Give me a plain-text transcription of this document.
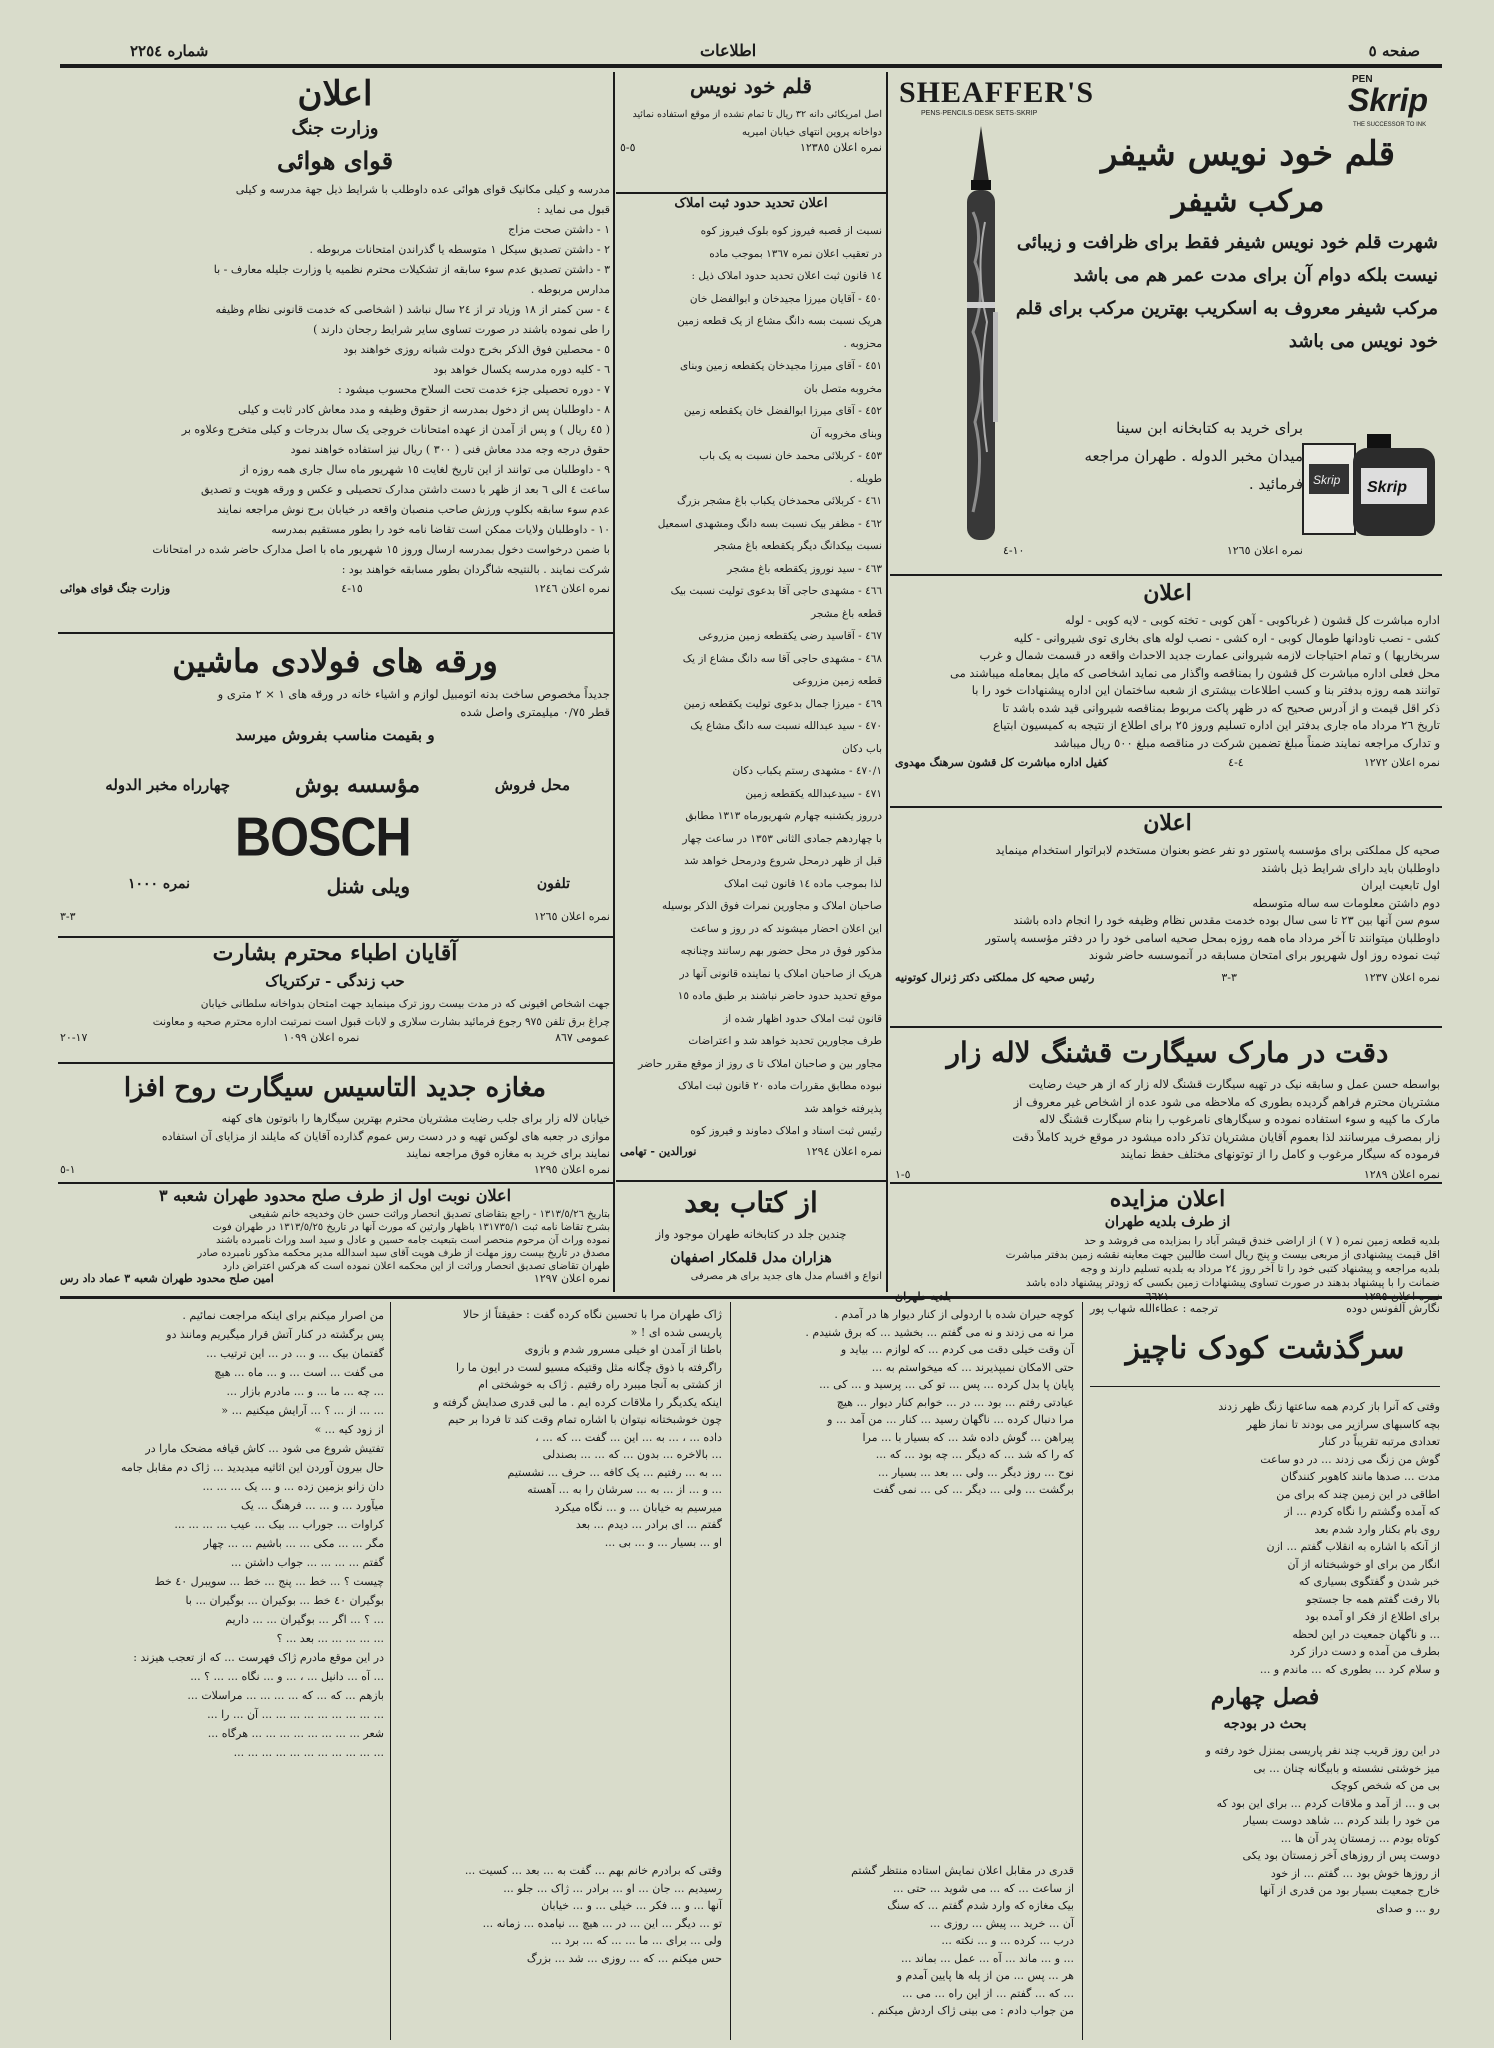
صفحه ٥
اطلاعات
شماره ٢٢٥٤
SHEAFFER'S
PENS·PENCILS·DESK SETS·SKRIP
PEN
Skrip
THE SUCCESSOR TO INK
قلم خود نویس شیفر
مرکب شیفر
شهرت قلم خود نویس شیفر فقط برای ظرافت و زیبائی
نیست بلکه دوام آن برای مدت عمر هم می باشد
مرکب شیفر معروف به اسکریب بهترین مرکب برای قلم
خود نویس می باشد
برای خرید به کتابخانه ابن سینا
میدان مخبر الدوله . طهران مراجعه
فرمائید . Skrip Skrip
نمره اعلان ١٢٦٥
١٠-٤
اعلان
اداره مباشرت کل قشون ( غرباکوبی - آهن کوبی - تخته کوبی - لایه کوبی - لوله
کشی - نصب ناودانها طومال کوبی - اره کشی - نصب لوله های بخاری توی شیروانی - کلیه
سربخاریها ) و تمام احتیاجات لازمه شیروانی عمارت جدید الاحداث واقعه در قسمت شمال و غرب
محل فعلی اداره مباشرت کل قشون را بمناقصه واگذار می نماید اشخاصی که مایل بمعامله میباشند می
توانند همه روزه بدفتر بنا و کسب اطلاعات بیشتری از شعبه ساختمان این اداره پیشنهادات خود را با
ذکر اقل قیمت و از آدرس صحیح که در ظهر پاکت مربوط بمناقصه شیروانی قید شده باشد تا
تاریخ ٢٦ مرداد ماه جاری بدفتر این اداره تسلیم وروز ٢٥ برای اطلاع از نتیجه به کمیسیون ابتیاع
و تدارک مراجعه نمایند ضمناً مبلغ تضمین شرکت در مناقصه مبلغ ٥٠٠ ریال میباشد
نمره اعلان ١٢٧٢
٤-٤
کفیل اداره مباشرت کل قشون سرهنگ مهدوی
اعلان
صحیه کل مملکتی برای مؤسسه پاستور دو نفر عضو بعنوان مستخدم لابراتوار استخدام مینماید
داوطلبان باید دارای شرایط ذیل باشند
اول تابعیت ایران
دوم داشتن معلومات سه ساله متوسطه
سوم سن آنها بین ٢٣ تا سی سال بوده خدمت مقدس نظام وظیفه خود را انجام داده باشند
داوطلبان میتوانند تا آخر مرداد ماه همه روزه بمحل صحیه اسامی خود را در دفتر مؤسسه پاستور
ثبت نموده روز اول شهریور برای امتحان مسابقه در آنموسسه حاضر شوند
نمره اعلان ١٢٣٧
٣-٣
رئیس صحیه کل مملکتی دکتر ژنرال کوتونیه
دقت در مارک سیگارت قشنگ لاله زار
بواسطه حسن عمل و سابقه نیک در تهیه سیگارت قشنگ لاله زار که از هر حیث رضایت
مشتریان محترم فراهم گردیده بطوری که ملاحظه می شود عده از اشخاص غیر معروف از
مارک ما کپیه و سوء استفاده نموده و سیگارهای نامرغوب را بنام سیگارت قشنگ لاله
زار بمصرف میرسانند لذا بعموم آقایان مشتریان تذکر داده میشود در موقع خرید کاملاً دقت
فرموده که سیگار مرغوب و کامل را از توتونهای مختلف حفظ نمایند
نمره اعلان ١٢٨٩
٥-١
اعلان مزایده
از طرف بلدیه طهران
بلدیه قطعه زمین نمره ( ٧ ) از اراضی خندق قیشر آباد را بمزایده می فروشد و حد
اقل قیمت پیشنهادی از مربعی بیست و پنج ریال است طالبین جهت معاینه نقشه زمین بدفتر مباشرت
بلدیه مراجعه و پیشنهاد کتبی خود را تا آخر روز ٢٤ مرداد به بلدیه تسلیم دارند و وجه
ضمانت را با پیشنهاد بدهند در صورت تساوی پیشنهادات زمین بکسی که زودتر پیشنهاد داده باشد
نمره اعلان ١٢٩٥
٦٦٢١
بلدیه طهران
قلم خود نویس
اصل امریکائی دانه ٣٢ ریال تا تمام نشده از موقع استفاده نمائید
دواخانه پروین انتهای خیابان امیریه
نمره اعلان ١٢٣٨٥
٥-٥
اعلان تحدید حدود ثبت املاک
نسبت از قصبه فیروز کوه بلوک فیروز کوه
در تعقیب اعلان نمره ١٣٦٧ بموجب ماده
١٤ قانون ثبت اعلان تحدید حدود املاک ذیل :
٤٥٠ - آقایان میرزا مجیدخان و ابوالفضل خان
هریک نسبت بسه دانگ مشاع از یک قطعه زمین
محزوبه .
٤٥١ - آقای میرزا مجیدخان یکقطعه زمین وبنای
مخروبه متصل بان
٤٥٢ - آقای میرزا ابوالفضل خان یکقطعه زمین
وبنای مخروبه آن
٤٥٣ - کربلائی محمد خان نسبت به یک باب
طویله .
٤٦١ - کربلائی محمدخان یکباب باغ مشجر بزرگ
٤٦٢ - مظفر بیک نسبت بسه دانگ ومشهدی اسمعیل
نسبت بیکدانگ دیگر یکقطعه باغ مشجر
٤٦٣ - سید نوروز یکقطعه باغ مشجر
٤٦٦ - مشهدی حاجی آقا بدعوی تولیت نسبت بیک
قطعه باغ مشجر
٤٦٧ - آقاسید رضی یکقطعه زمین مزروعی
٤٦٨ - مشهدی حاجی آقا سه دانگ مشاع از یک
قطعه زمین مزروعی
٤٦٩ - میرزا جمال بدعوی تولیت یکقطعه زمین
٤٧٠ - سید عبدالله نسبت سه دانگ مشاع یک
باب دکان
٤٧٠/١ - مشهدی رستم یکباب دکان
٤٧١ - سیدعبدالله یکقطعه زمین
درروز یکشنبه چهارم شهریورماه ١٣١٣ مطابق
با چهاردهم جمادی الثانی ١٣٥٣ در ساعت چهار
قبل از ظهر درمحل شروع ودرمحل خواهد شد
لذا بموجب ماده ١٤ قانون ثبت املاک
صاحبان املاک و مجاورین نمرات فوق الذکر بوسیله
این اعلان احضار میشوند که در روز و ساعت
مذکور فوق در محل حضور بهم رسانند وچنانچه
هریک از صاحبان املاک یا نماینده قانونی آنها در
موقع تحدید حدود حاضر نباشند بر طبق ماده ١٥
قانون ثبت املاک حدود اظهار شده از
طرف مجاورین تحدید خواهد شد و اعتراضات
مجاور بین و صاحبان املاک تا ی روز از موقع مقرر حاضر
نبوده مطابق مقررات ماده ٢٠ قانون ثبت املاک
پذیرفته خواهد شد
رئیس ثبت اسناد و املاک دماوند و فیروز کوه
نمره اعلان ١٢٩٤
نورالدین - تهامی
از کتاب بعد
چندین جلد در کتابخانه طهران موجود واز
اعلان
وزارت جنگ
قوای هوائی
مدرسه و کیلی مکانیک قوای هوائی عده داوطلب با شرایط ذیل جهة مدرسه و کیلی
قبول می نماید :
١ - داشتن صحت مزاج
٢ - داشتن تصدیق سیکل ١ متوسطه یا گذراندن امتحانات مربوطه .
٣ - داشتن تصدیق عدم سوء سابقه از تشکیلات محترم نظمیه یا وزارت جلیله معارف - با
مدارس مربوطه .
٤ - سن کمتر از ١٨ وزیاد تر از ٢٤ سال نباشد ( اشخاصی که خدمت قانونی نظام وظیفه
را طی نموده باشند در صورت تساوی سایر شرایط رجحان دارند )
٥ - محصلین فوق الذکر بخرج دولت شبانه روزی خواهند بود
٦ - کلیه دوره مدرسه یکسال خواهد بود
٧ - دوره تحصیلی جزء خدمت تحت السلاح محسوب میشود :
٨ - داوطلبان پس از دخول بمدرسه از حقوق وظیفه و مدد معاش کادر ثابت و کیلی
( ٤٥ ریال ) و پس از آمدن از عهده امتحانات خروجی یک سال بدرجات و کیلی متخرج وعلاوه بر
حقوق درجه وجه مدد معاش فنی ( ٣٠٠ ) ریال نیز استفاده خواهند نمود
٩ - داوطلبان می توانند از این تاریخ لغایت ١٥ شهریور ماه سال جاری همه روزه از
ساعت ٤ الی ٦ بعد از ظهر با دست داشتن مدارک تحصیلی و عکس و ورقه هویت و تصدیق
عدم سوء سابقه بکلوپ ورزش صاحب منصبان واقعه در خیابان برج نوش مراجعه نمایند
١٠ - داوطلبان ولایات ممکن است تقاضا نامه خود را بطور مستقیم بمدرسه
با ضمن درخواست دخول بمدرسه ارسال وروز ١٥ شهریور ماه با اصل مدارک حاضر شده در امتحانات
شرکت نمایند . بالنتیجه شاگردان بطور مسابقه خواهند بود :
نمره اعلان ١٢٤٦
١٥-٤
وزارت جنگ قوای هوائی
ورقه های فولادی ماشین
جدیداً مخصوص ساخت بدنه اتومبیل لوازم و اشیاء خانه در ورقه های ١ × ٢ متری و
قطر ٠/٧٥ میلیمتری واصل شده
و بقیمت مناسب بفروش میرسد
محل فروش
مؤسسه بوش
چهارراه مخبر الدوله
BOSCH
تلفون
ویلی شنل
نمره ١٠٠٠
نمره اعلان ١٢٦٥
٣-٣
آقایان اطباء محترم بشارت
حب زندگی - ترکتریاک
جهت اشخاص افیونی که در مدت بیست روز ترک مینماید جهت امتحان بدواخانه سلطانی خیابان
چراغ برق تلفن ٩٧٥ رجوع فرمائید بشارت سلاری و لابات قبول است نمرتبت اداره محترم صحیه و معاونت
عمومی ٨٦٧
نمره اعلان ١٠٩٩
١٧-٢٠
مغازه جدید التاسیس سیگارت روح افزا
خیابان لاله زار برای جلب رضایت مشتریان محترم بهترین سیگارها را باتوتون های کهنه
موازی در جعبه های لوکس تهیه و در دست رس عموم گذارده آقایان که مایلند از مزایای آن استفاده
نمایند برای خرید به مغازه فوق مراجعه نمایند
نمره اعلان ١٢٩٥
١-٥
اعلان نوبت اول از طرف صلح محدود طهران شعبه ٣
بتاریخ ١٣١٣/٥/٢٦ - راجع بتقاضای تصدیق انحصار وراثت حسن خان وخدیجه خانم شفیعی
بشرح تقاضا نامه ثبت ١٣١٧٣٥/١ باظهار وارثین که مورث آنها در تاریخ ١٣١٣/٥/٢٥ در طهران فوت
نموده وراث آن مرحوم منحصر است بتبعیت جامه حسین و عادل و سید اسد وراث نامبرده باشند
مصدق در تاریخ بیست روز مهلت از طرف هویت آقای سید اسدالله مدیر محکمه مذکور نامبرده صادر
طهران تقاضای تصدیق انحصار وراثت از این محکمه اعلان نموده است که هرکس اعتراض دارد
نمره اعلان ١٢٩٧
امین صلح محدود طهران شعبه ٣ عماد داد رس
نگارش آلفونس دوده
ترجمه : عطاءالله شهاب پور
سرگذشت کودک ناچیز
وقتی که آنرا باز کردم همه ساعتها زنگ ظهر زدند
بچه کاسبهای سرازیر می بودند تا نماز ظهر
تعدادی مرتبه تقریباً در کنار
گوش من زنگ می زدند ... در دو ساعت
مدت ... صدها مانند کاهوبر کنندگان
اطاقی در این زمین چند که برای من
که آمده وگشتم را نگاه کردم ... از
روی بام بکنار وارد شدم بعد
از آنکه با اشاره به انقلاب گفتم ... ازن
انگار من برای او خوشبختانه از آن
خبر شدن و گفتگوی بسیاری که
بالا رفت گفتم همه جا جستجو
برای اطلاع از فکر او آمده بود
... و ناگهان جمعیت در این لحظه
بطرف من آمده و دست دراز کرد
و سلام کرد ... بطوری که ... ماندم و ...
فصل چهارم
بحث در بودجه
در این روز قریب چند نفر پاریسی بمنزل خود رفته و
میز خوشتی نشسته و بابیگانه چنان ... بی
بی من که شخص کوچک
بی و ... از آمد و ملاقات کردم ... برای این بود که
من خود را بلند کردم ... شاهد دوست بسیار
کوتاه بودم ... زمستان پدر آن ها ...
دوست پس از روزهای آخر زمستان بود یکی
از روزها خوش بود ... گفتم ... از خود
خارج جمعیت بسیار بود من قدری از آنها
رو ... و صدای
کوچه حیران شده با اردولی از کنار دیوار ها در آمدم .
مرا نه می زدند و نه می گفتم ... بخشید ... که برق شنیدم .
آن وقت خیلی دقت می کردم ... که لوازم ... بیاید و
حتی الامکان نمیپذیرند ... که میخواستم به ...
پایان پا بدل کرده ... پس ... تو کی ... پرسید و ... کی ...
عیادتی رفتم ... بود ... در ... خوابم کنار دیوار ... هیچ
مرا دنبال کرده ... ناگهان رسید ... کنار ... من آمد ... و
پیراهن ... گوش داده شد ... که بسیار با ... مرا
که را که شد ... که دیگر ... چه بود ... که ...
نوح ... روز دیگر ... ولی ... بعد ... بسیار ...
برگشت ... ولی ... دیگر ... کی ... نمی گفت
قدری در مقابل اعلان نمایش استاده منتظر گشتم
از ساعت ... که ... می شوید ... حتی ...
بیک مغازه که وارد شدم گفتم ... که سنگ
آن ... خرید ... پیش ... روزی ...
درب ... کرده ... و ... نکته ...
... و ... ماند ... آه ... عمل ... بماند ...
هر ... پس ... من از پله ها پایین آمدم و
... که ... گفتم ... از این راه ... می ...
من جواب دادم : می بینی ژاک اردش میکنم .
ژاک طهران مرا با تحسین نگاه کرده گفت : حقیقتاً از حالا
پاریسی شده ای ! «
باطنا از آمدن او خیلی مسرور شدم و بازوی
راگرفته با ذوق چگانه مثل وقتیکه مسیو لست در ایون ما را
از کشتی به آنجا میبرد راه رفتیم . ژاک به خوشختی ام
اینکه یکدیگر را ملاقات کرده ایم . ما لبی قدری صدایش گرفته و
چون خوشبختانه نیتوان با اشاره تمام وقت کند تا فردا بر حیم
داده ... ، ... به ... این ... گفت ... که ... ،
... بالاخره ... بدون ... که ... ... بصندلی
... به ... رفتیم ... یک کافه ... حرف ... نشستیم
... و ... از ... به ... سرشان را به ... آهسته
میرسیم به خیابان ... و ... نگاه میکرد
گفتم ... ای برادر ... دیدم ... بعد
او ... بسیار ... و ... بی ...
وقتی که برادرم خانم بهم ... گفت به ... بعد ... کسیت ...
رسیدیم ... جان ... او ... برادر ... ژاک ... جلو ...
آنها ... و ... فکر ... خیلی ... و ... خیابان
تو ... دیگر ... این ... در ... هیچ ... نیامده ... زمانه ...
ولی ... برای ... ما ... ... که ... برد ...
حس میکنم ... که ... روزی ... شد ... بزرگ
من اصرار میکنم برای اینکه مراجعت نمائیم .
پس برگشته در کنار آتش قرار میگیریم وماننذ دو
گفتمان بیک ... و ... در ... این ترتیب ...
می گفت ... است ... و ... ماه ... هیچ
... چه ... ما ... و ... مادرم بازار ...
... ... از ... ؟ ... آرایش میکنیم ... «
از زود کیه ... »
تفتیش شروع می شود ... کاش قیافه مضحک مارا در
حال بیرون آوردن این اثاثیه میدیدید ... ژاک دم مقابل جامه
دان زانو بزمین زده ... و ... یک ... ... ...
میآورد ... و ... ... فرهنگ ... یک
کراوات ... جوراب ... بیک ... عیب ... ... ... ...
مگر ... ... مکی ... ... باشیم ... ... چهار
گفتم ... ... ... ... جواب داشتن ...
چیست ؟ ... خط ... پنج ... خط ... سویبرل ٤٠ خط
بوگیران ٤٠ خط ... بوکیران ... بوگیران ... با
... ؟ ... اگر ... بوگیران ... ... داریم
... ... ... ... ... بعد ... ؟
در این موقع مادرم ژاک فهرست ... که از تعجب هیزند :
... آه ... دانیل ... ، ... و ... نگاه ... ... ؟ ...
بازهم ... که ... که ... ... ... ... مراسلات ...
... ... ... ... ... ... ... ... ... آن ... را ...
شعر ... ... ... ... ... ... ... ... هرگاه ...
... ... ... ... ... ... ... ... ... ... ...
هزاران مدل قلمکار اصفهان
انواع و اقسام مدل های جدید برای هر مصرفی
